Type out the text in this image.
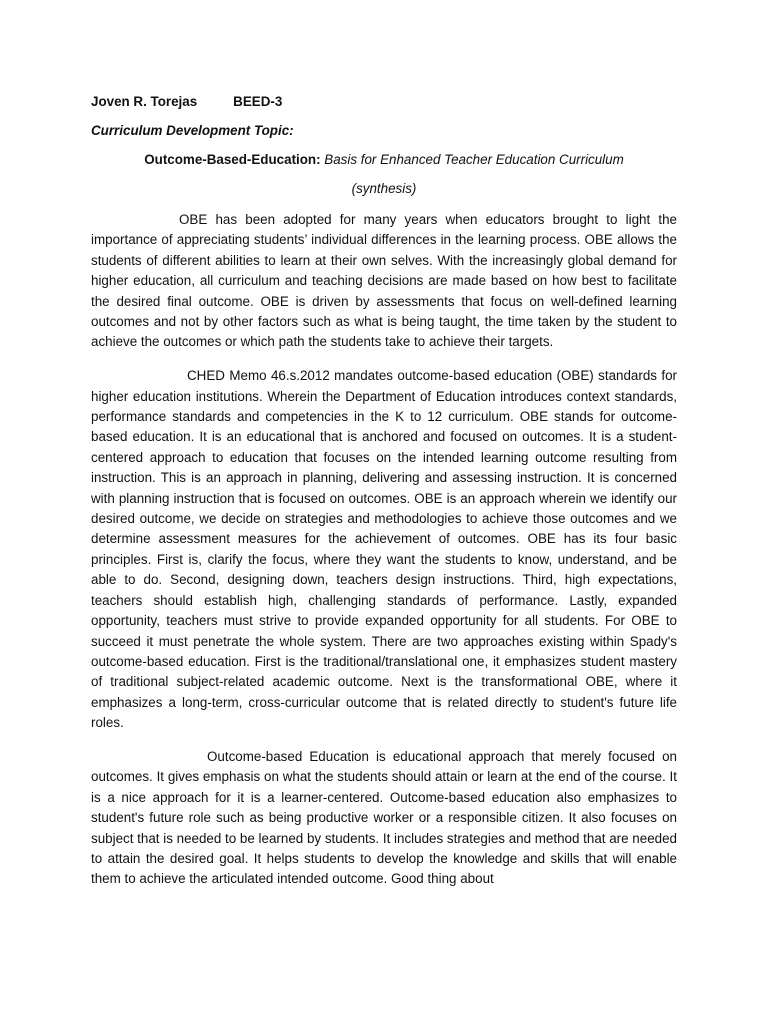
Joven R. Torejas	BEED-3
Curriculum Development Topic:
Outcome-Based-Education: Basis for Enhanced Teacher Education Curriculum
(synthesis)

OBE has been adopted for many years when educators brought to light the importance of appreciating students’ individual differences in the learning process. OBE allows the students of different abilities to learn at their own selves. With the increasingly global demand for higher education, all curriculum and teaching decisions are made based on how best to facilitate the desired final outcome. OBE is driven by assessments that focus on well-defined learning outcomes and not by other factors such as what is being taught, the time taken by the student to achieve the outcomes or which path the students take to achieve their targets.

CHED Memo 46.s.2012 mandates outcome-based education (OBE) standards for higher education institutions. Wherein the Department of Education introduces context standards, performance standards and competencies in the K to 12 curriculum. OBE stands for outcome-based education. It is an educational that is anchored and focused on outcomes. It is a student-centered approach to education that focuses on the intended learning outcome resulting from instruction. This is an approach in planning, delivering and assessing instruction. It is concerned with planning instruction that is focused on outcomes. OBE is an approach wherein we identify our desired outcome, we decide on strategies and methodologies to achieve those outcomes and we determine assessment measures for the achievement of outcomes. OBE has its four basic principles. First is, clarify the focus, where they want the students to know, understand, and be able to do. Second, designing down, teachers design instructions. Third, high expectations, teachers should establish high, challenging standards of performance. Lastly, expanded opportunity, teachers must strive to provide expanded opportunity for all students. For OBE to succeed it must penetrate the whole system. There are two approaches existing within Spady's outcome-based education. First is the traditional/translational one, it emphasizes student mastery of traditional subject-related academic outcome. Next is the transformational OBE, where it emphasizes a long-term, cross-curricular outcome that is related directly to student's future life roles.

Outcome-based Education is educational approach that merely focused on outcomes. It gives emphasis on what the students should attain or learn at the end of the course. It is a nice approach for it is a learner-centered. Outcome-based education also emphasizes to student's future role such as being productive worker or a responsible citizen. It also focuses on subject that is needed to be learned by students. It includes strategies and method that are needed to attain the desired goal. It helps students to develop the knowledge and skills that will enable them to achieve the articulated intended outcome. Good thing about
